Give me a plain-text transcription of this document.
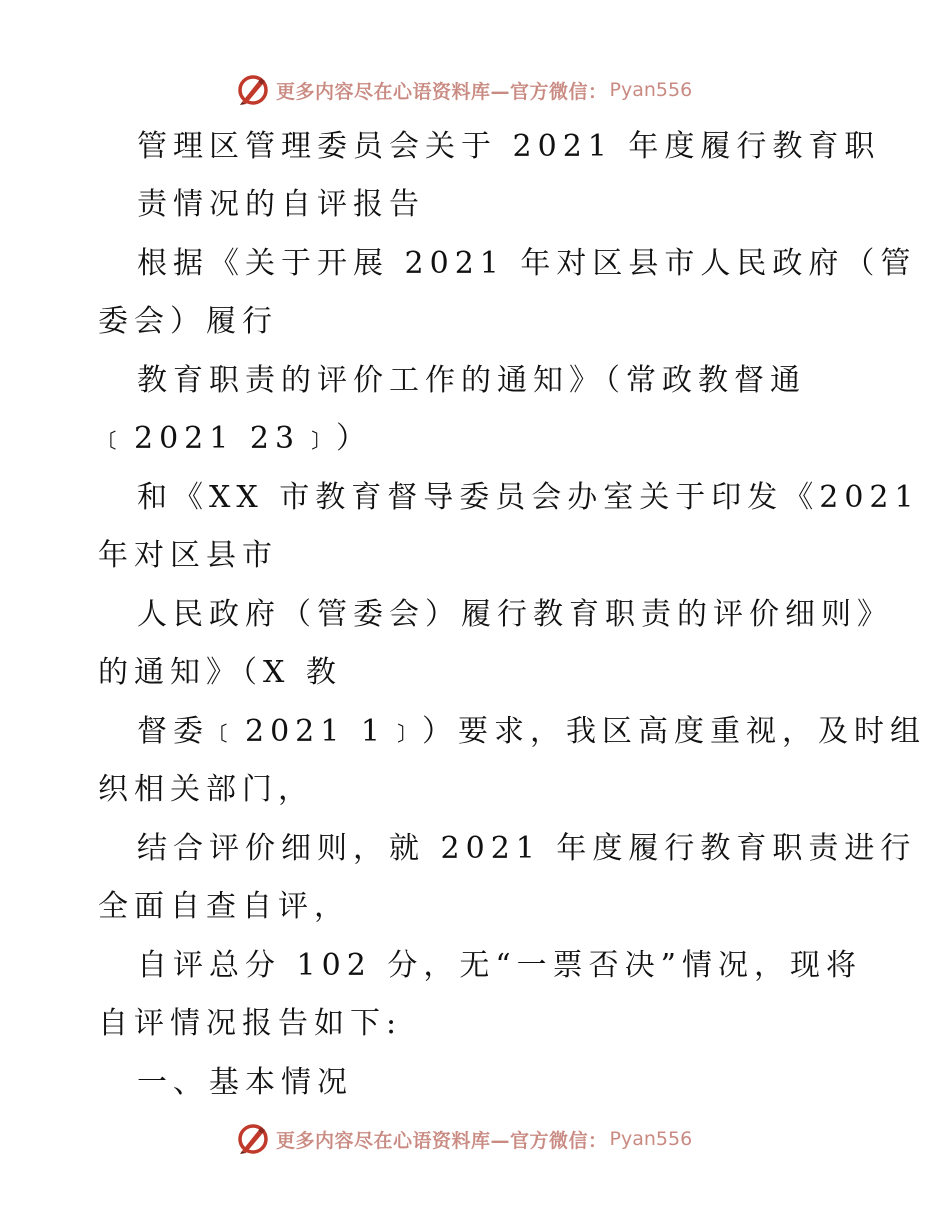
更多内容尽在心语资料库—官方微信： Pyan556
管理区管理委员会关于 2021 年度履行教育职
责情况的自评报告
根据《关于开展 2021 年对区县市人民政府（管
委会）履行
教育职责的评价工作的通知》（常政教督通
﹝2021 23﹞）
和《XX 市教育督导委员会办室关于印发《2021
年对区县市
人民政府（管委会）履行教育职责的评价细则》
的通知》（X 教
督委﹝2021 1﹞）要求，我区高度重视，及时组
织相关部门，
结合评价细则，就 2021 年度履行教育职责进行
全面自查自评，
自评总分 102 分，无“一票否决”情况，现将
自评情况报告如下:
一、基本情况
更多内容尽在心语资料库—官方微信： Pyan556
